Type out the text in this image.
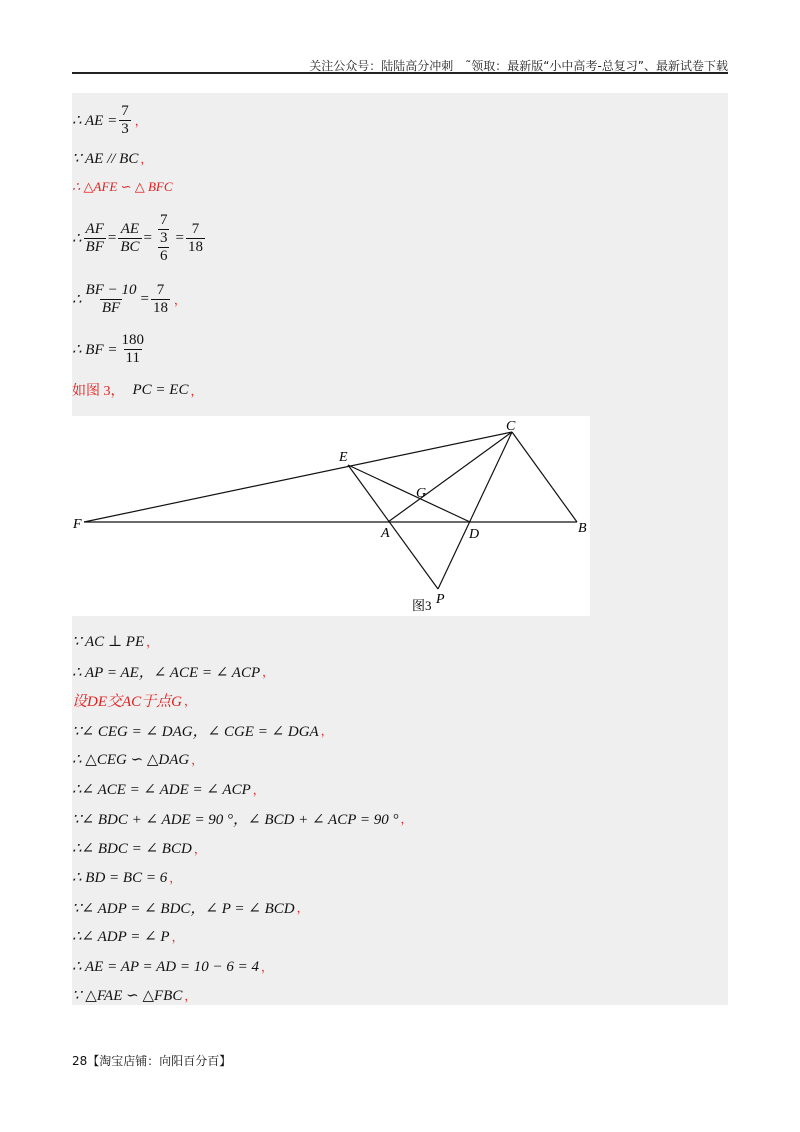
关注公众号：陆陆高分冲刺　˜领取：最新版“小中高考-总复习”、最新试卷下载
∴ AE = $\frac{7}{3}$ ，
∵ AE // BC ，
∴ △AFE ∽ △ BFC
∴ $\frac{AF}{BF} = \frac{AE}{BC} = \frac{\frac{7}{3}}{6} = \frac{7}{18}$
∴ $\frac{BF - 10}{BF} = \frac{7}{18}$ ，
∴ BF = $\frac{180}{11}$
如图 3， PC = EC ，
C
E
G
F
A	D	B
P
图3
∵ AC ⊥ PE ，
∴ AP = AE，∠ ACE = ∠ ACP ，
设DE交AC于点G ，
∵∠ CEG = ∠ DAG，∠ CGE = ∠ DGA ，
∴ △CEG ∽ △DAG ，
∴∠ ACE = ∠ ADE = ∠ ACP ，
∵∠ BDC + ∠ ADE = 90 °，∠ BCD + ∠ ACP = 90 ° ，
∴∠ BDC = ∠ BCD ，
∴ BD = BC = 6 ，
∵∠ ADP = ∠ BDC，∠ P = ∠ BCD ，
∴∠ ADP = ∠ P ，
∴ AE = AP = AD = 10 − 6 = 4 ，
∵ △FAE ∽ △FBC ，
28【淘宝店铺：向阳百分百】
